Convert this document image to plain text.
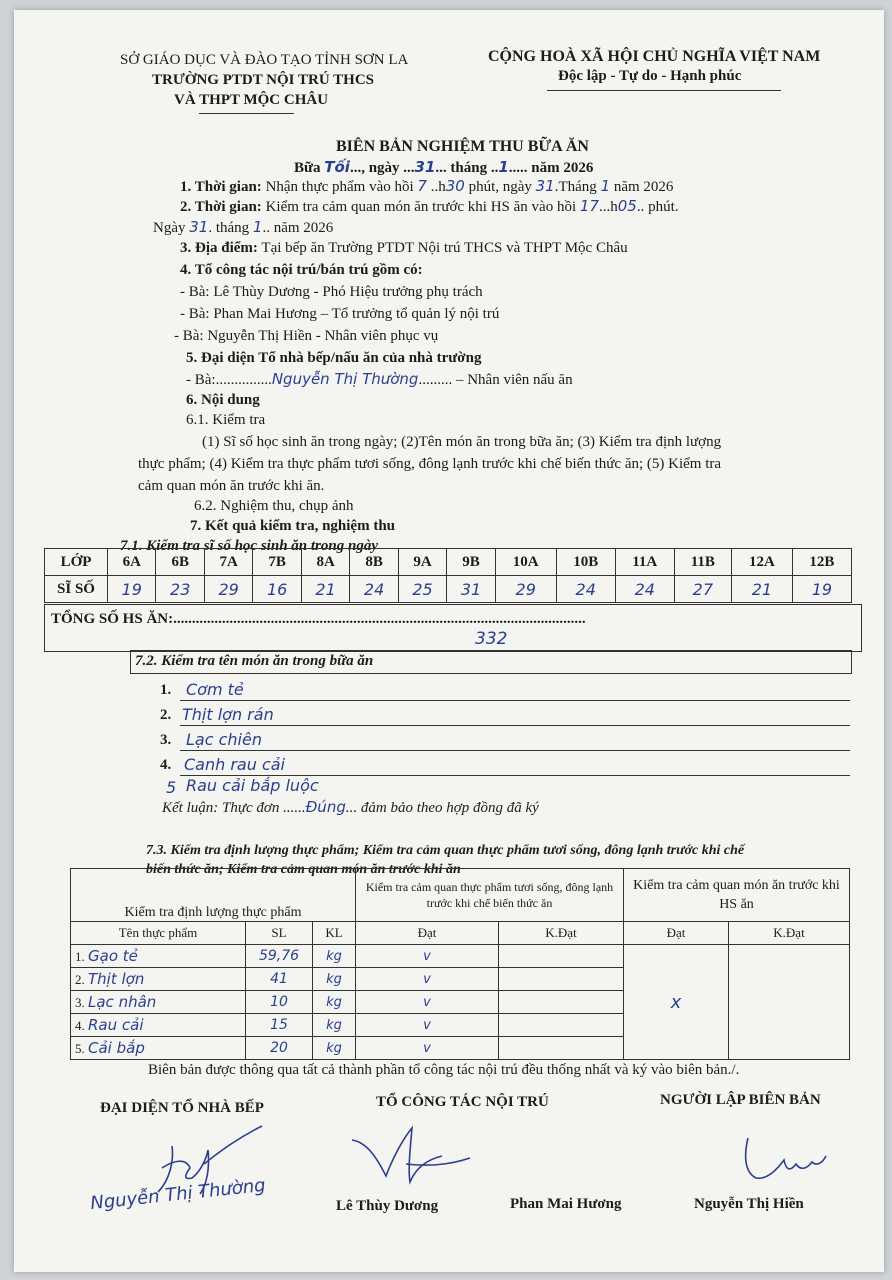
SỞ GIÁO DỤC VÀ ĐÀO TẠO TỈNH SƠN LA
TRƯỜNG PTDT NỘI TRÚ THCS
VÀ THPT MỘC CHÂU
CỘNG HOÀ XÃ HỘI CHỦ NGHĨA VIỆT NAM
Độc lập - Tự do - Hạnh phúc
BIÊN BẢN NGHIỆM THU BỮA ĂN
Bữa Tối..., ngày ...31... tháng ..1..... năm 2026
1. Thời gian: Nhận thực phẩm vào hồi 7 ..h30 phút, ngày 31.Tháng 1 năm 2026
2. Thời gian: Kiểm tra cảm quan món ăn trước khi HS ăn vào hồi 17...h05.. phút.
Ngày 31. tháng 1.. năm 2026
3. Địa điểm: Tại bếp ăn Trường PTDT Nội trú THCS và THPT Mộc Châu
4. Tổ công tác nội trú/bán trú gồm có:
- Bà: Lê Thùy Dương - Phó Hiệu trưởng phụ trách
- Bà: Phan Mai Hương – Tổ trưởng tổ quản lý nội trú
- Bà: Nguyễn Thị Hiền - Nhân viên phục vụ
5. Đại diện Tổ nhà bếp/nấu ăn của nhà trường
- Bà:...............Nguyễn Thị Thường......... – Nhân viên nấu ăn
6. Nội dung
6.1. Kiểm tra
(1) Sĩ số học sinh ăn trong ngày; (2)Tên món ăn trong bữa ăn; (3) Kiểm tra định lượng
thực phẩm; (4) Kiểm tra thực phẩm tươi sống, đông lạnh trước khi chế biến thức ăn; (5) Kiểm tra
cảm quan món ăn trước khi ăn.
6.2. Nghiệm thu, chụp ảnh
7. Kết quả kiểm tra, nghiệm thu
7.1. Kiểm tra sĩ số học sinh ăn trong ngày
LỚP	6A	6B	7A	7B	8A	8B	9A	9B	10A	10B	11A	11B	12A	12B
SĨ SỐ	19	23	29	16	21	24	25	31	29	24	24	27	21	19
TỔNG SỐ HS ĂN:..............................................................................................................
332
7.2. Kiểm tra tên món ăn trong bữa ăn
1. Cơm tẻ
2. Thịt lợn rán
3. Lạc chiên
4. Canh rau cải
5 Rau cải bắp luộc
Kết luận: Thực đơn ......Đúng... đảm bảo theo hợp đồng đã ký
7.3. Kiểm tra định lượng thực phẩm; Kiểm tra cảm quan thực phẩm tươi sống, đông lạnh trước khi chế
biến thức ăn; Kiểm tra cảm quan món ăn trước khi ăn
Kiểm tra định lượng thực phẩm			Kiểm tra cảm quan thực phẩm tươi sống, đông lạnh trước khi chế biến thức ăn		Kiểm tra cảm quan món ăn trước khi HS ăn	
Tên thực phẩm	SL	KL	Đạt	K.Đạt	Đạt	K.Đạt
1. Gạo tẻ	59,76	kg	v		x	
2. Thịt lợn	41	kg	v			
3. Lạc nhân	10	kg	v			
4. Rau cải	15	kg	v			
5. Cải bắp	20	kg	v			
Biên bản được thông qua tất cả thành phần tổ công tác nội trú đều thống nhất và ký vào biên bản./.
ĐẠI DIỆN TỔ NHÀ BẾP	TỔ CÔNG TÁC NỘI TRÚ	NGƯỜI LẬP BIÊN BẢN
Nguyễn Thị Thường	Lê Thùy Dương	Phan Mai Hương	Nguyễn Thị Hiền
